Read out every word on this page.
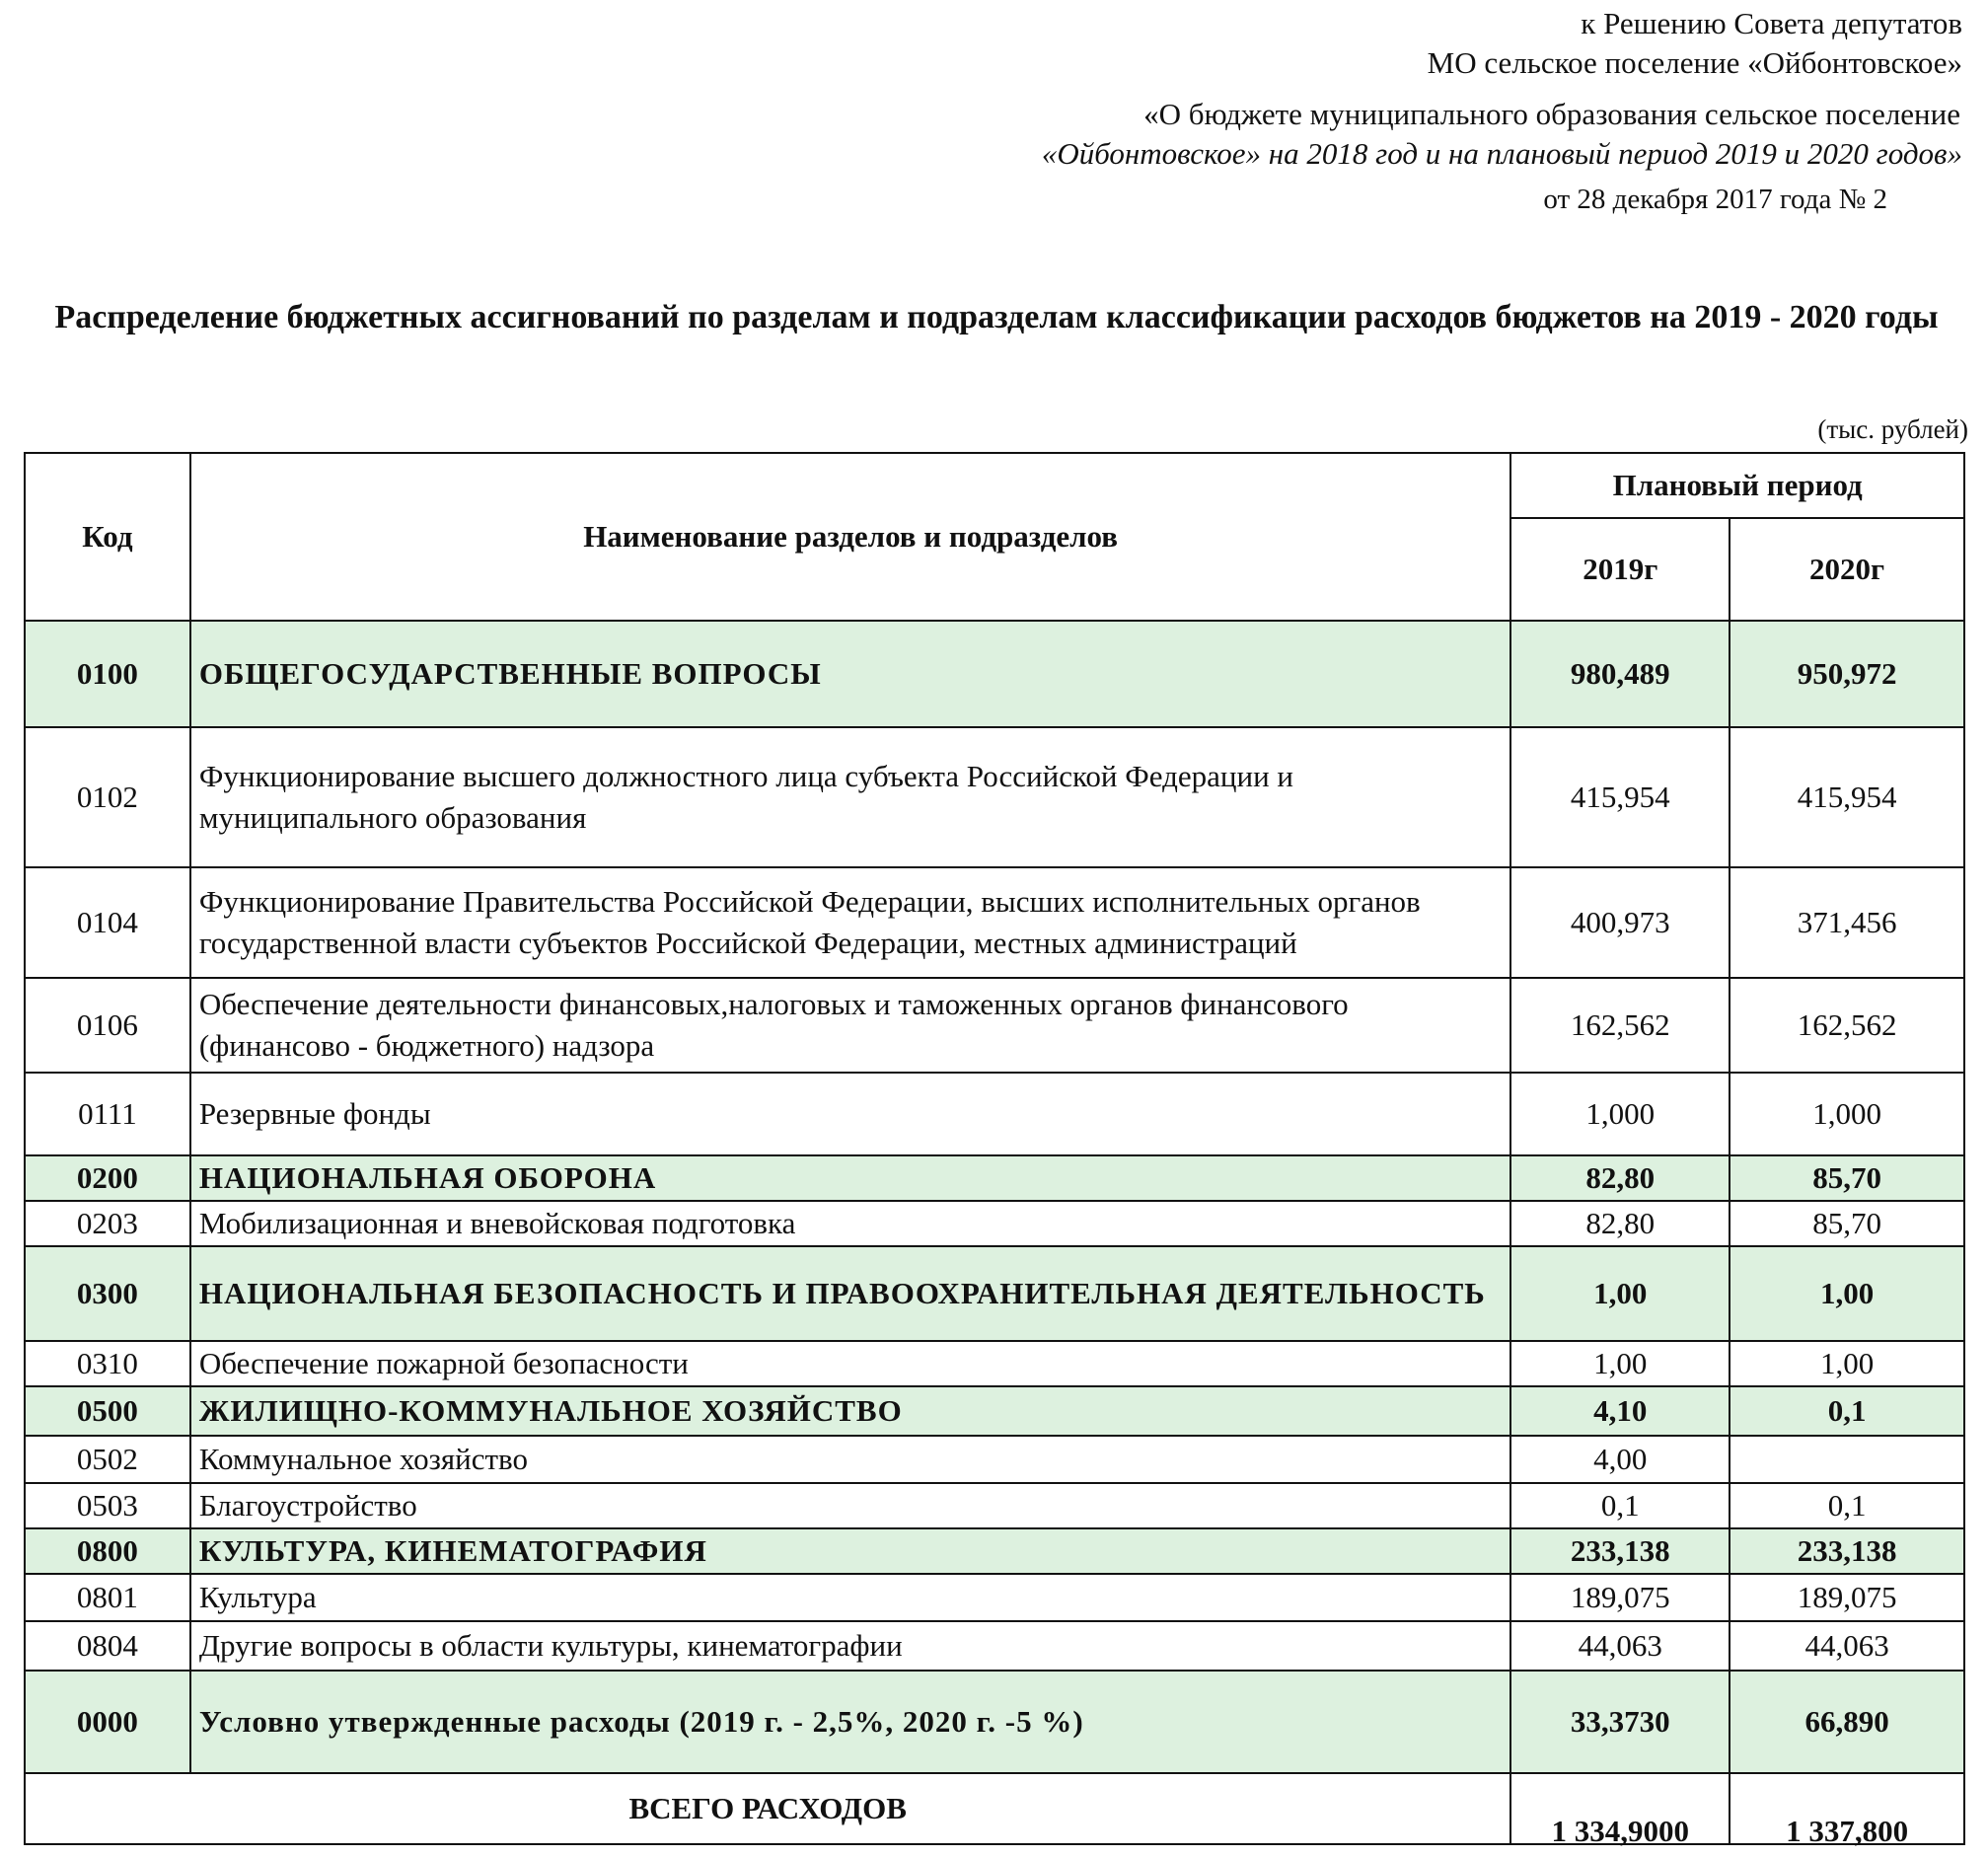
к Решению Совета депутатов
МО сельское поселение «Ойбонтовское»
«О бюджете муниципального образования сельское поселение
«Ойбонтовское» на 2018 год и на плановый период 2019 и 2020 годов»
от 28 декабря 2017 года № 2
Распределение бюджетных ассигнований по разделам и подразделам классификации расходов бюджетов на 2019 - 2020 годы
(тыс. рублей)
Код	Наименование разделов и подразделов	Плановый период	
		2019г	2020г
0100	ОБЩЕГОСУДАРСТВЕННЫЕ ВОПРОСЫ	980,489	950,972
0102	Функционирование высшего должностного лица субъекта Российской Федерации и муниципального образования	415,954	415,954
0104	Функционирование Правительства Российской Федерации, высших исполнительных органов государственной власти субъектов Российской Федерации, местных администраций	400,973	371,456
0106	Обеспечение деятельности финансовых,налоговых и таможенных органов финансового (финансово - бюджетного) надзора	162,562	162,562
0111	Резервные фонды	1,000	1,000
0200	НАЦИОНАЛЬНАЯ ОБОРОНА	82,80	85,70
0203	Мобилизационная и вневойсковая подготовка	82,80	85,70
0300	НАЦИОНАЛЬНАЯ БЕЗОПАСНОСТЬ И ПРАВООХРАНИТЕЛЬНАЯ ДЕЯТЕЛЬНОСТЬ	1,00	1,00
0310	Обеспечение пожарной безопасности	1,00	1,00
0500	ЖИЛИЩНО-КОММУНАЛЬНОЕ ХОЗЯЙСТВО	4,10	0,1
0502	Коммунальное хозяйство	4,00	
0503	Благоустройство	0,1	0,1
0800	КУЛЬТУРА, КИНЕМАТОГРАФИЯ	233,138	233,138
0801	Культура	189,075	189,075
0804	Другие вопросы в области культуры, кинематографии	44,063	44,063
0000	Условно утвержденные расходы (2019 г. - 2,5%, 2020 г. -5 %)	33,3730	66,890
ВСЕГО РАСХОДОВ		1 334,9000	1 337,800
